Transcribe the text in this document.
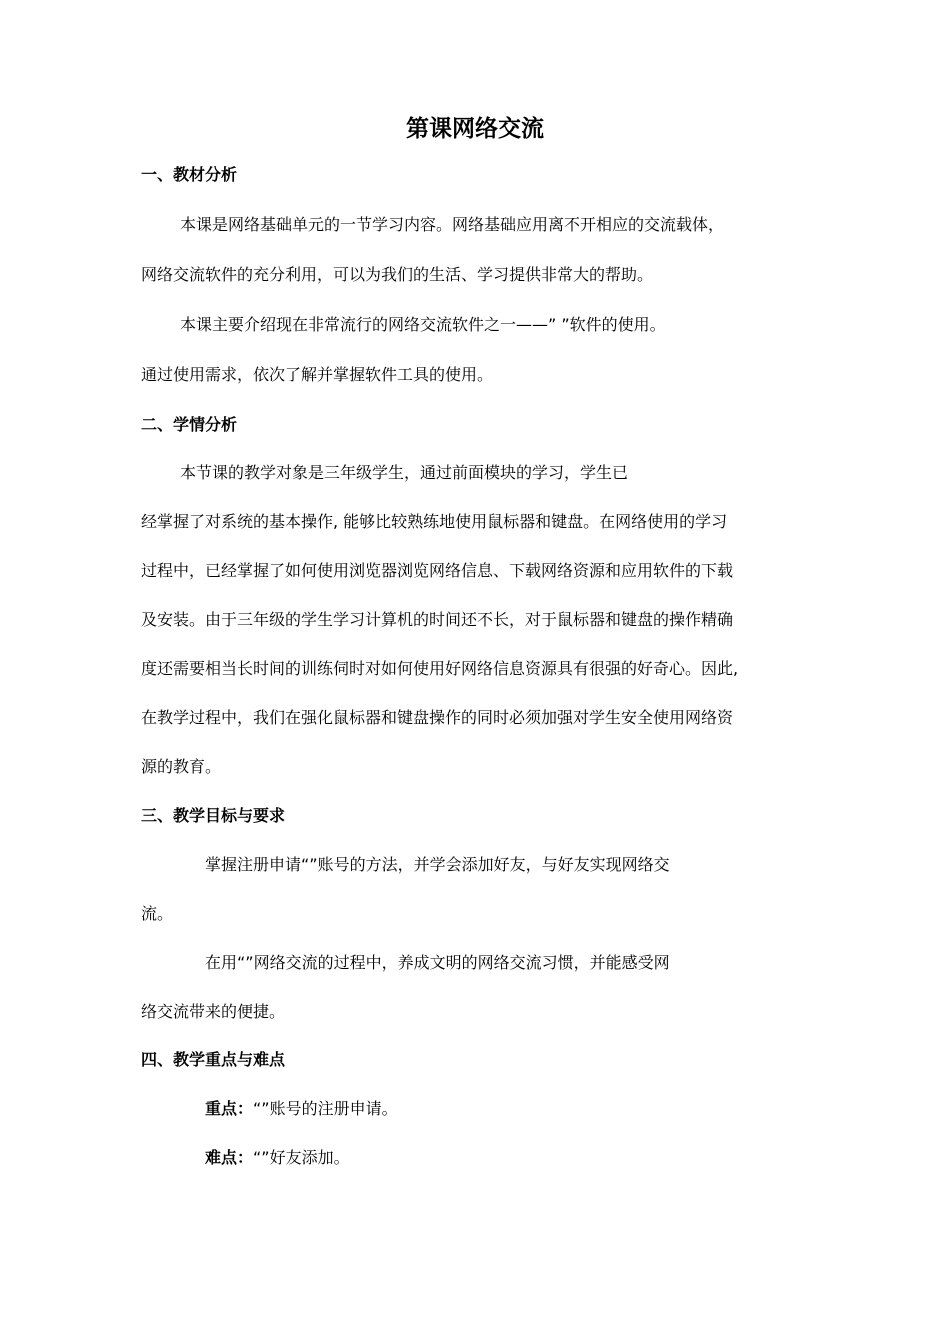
第课网络交流
一、教材分析
本课是网络基础单元的一节学习内容。网络基础应用离不开相应的交流载体，
网络交流软件的充分利用，可以为我们的生活、学习提供非常大的帮助。
本课主要介绍现在非常流行的网络交流软件之一——” ”软件的使用。
通过使用需求，依次了解并掌握软件工具的使用。
二、学情分析
本节课的教学对象是三年级学生，通过前面模块的学习，学生已
经掌握了对系统的基本操作, 能够比较熟练地使用鼠标器和键盘。在网络使用的学习
过程中，已经掌握了如何使用浏览器浏览网络信息、下载网络资源和应用软件的下载
及安装。由于三年级的学生学习计算机的时间还不长，对于鼠标器和键盘的操作精确
度还需要相当长时间的训练伺时对如何使用好网络信息资源具有很强的好奇心。因此,
在教学过程中，我们在强化鼠标器和键盘操作的同时必须加强对学生安全使用网络资
源的教育。
三、教学目标与要求
掌握注册申请“”账号的方法，并学会添加好友，与好友实现网络交
流。
在用“”网络交流的过程中，养成文明的网络交流习惯，并能感受网
络交流带来的便捷。
四、教学重点与难点
重点：“”账号的注册申请。
难点：“”好友添加。
